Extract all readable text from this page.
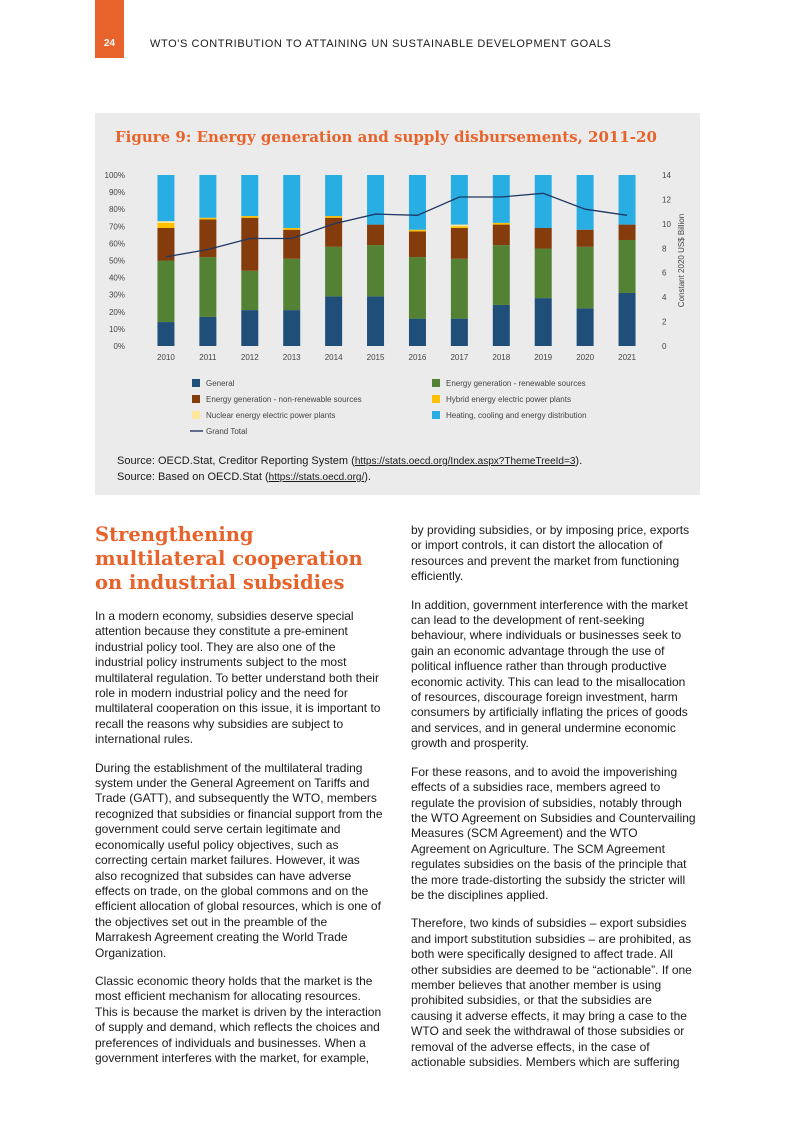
24	WTO'S CONTRIBUTION TO ATTAINING UN SUSTAINABLE DEVELOPMENT GOALS
0%
10%
20%
30%
40%
50%
60%
70%
80%
90%
100%
0
2
4
6
8
10
12
14
Constant 2020 US$ Billion
2010	2011	2012	2013	2014	2015	2016	2017	2018	2019	2020	2021
General	Energy generation - renewable sources
Energy generation - non-renewable sources	Hybrid energy electric power plants
Nuclear energy electric power plants	Heating, cooling and energy distribution
Grand Total
Figure 9: Energy generation and supply disbursements, 2011-20
Source: OECD.Stat, Creditor Reporting System (https://stats.oecd.org/Index.aspx?ThemeTreeId=3).
Source: Based on OECD.Stat (https://stats.oecd.org/).
Strengthening multilateral cooperation on industrial subsidies

In a modern economy, subsidies deserve special attention because they constitute a pre-eminent industrial policy tool. They are also one of the industrial policy instruments subject to the most multilateral regulation. To better understand both their role in modern industrial policy and the need for multilateral cooperation on this issue, it is important to recall the reasons why subsidies are subject to international rules.

During the establishment of the multilateral trading system under the General Agreement on Tariffs and Trade (GATT), and subsequently the WTO, members recognized that subsidies or financial support from the government could serve certain legitimate and economically useful policy objectives, such as correcting certain market failures. However, it was also recognized that subsides can have adverse effects on trade, on the global commons and on the efficient allocation of global resources, which is one of the objectives set out in the preamble of the Marrakesh Agreement creating the World Trade Organization.

Classic economic theory holds that the market is the most efficient mechanism for allocating resources. This is because the market is driven by the interaction of supply and demand, which reflects the choices and preferences of individuals and businesses. When a government interferes with the market, for example,

by providing subsidies, or by imposing price, exports or import controls, it can distort the allocation of resources and prevent the market from functioning efficiently.

In addition, government interference with the market can lead to the development of rent-seeking behaviour, where individuals or businesses seek to gain an economic advantage through the use of political influence rather than through productive economic activity. This can lead to the misallocation of resources, discourage foreign investment, harm consumers by artificially inflating the prices of goods and services, and in general undermine economic growth and prosperity.

For these reasons, and to avoid the impoverishing effects of a subsidies race, members agreed to regulate the provision of subsidies, notably through the WTO Agreement on Subsidies and Countervailing Measures (SCM Agreement) and the WTO Agreement on Agriculture. The SCM Agreement regulates subsidies on the basis of the principle that the more trade-distorting the subsidy the stricter will be the disciplines applied.

Therefore, two kinds of subsidies – export subsidies and import substitution subsidies – are prohibited, as both were specifically designed to affect trade. All other subsidies are deemed to be “actionable”. If one member believes that another member is using prohibited subsidies, or that the subsidies are causing it adverse effects, it may bring a case to the WTO and seek the withdrawal of those subsidies or removal of the adverse effects, in the case of actionable subsidies. Members which are suffering
